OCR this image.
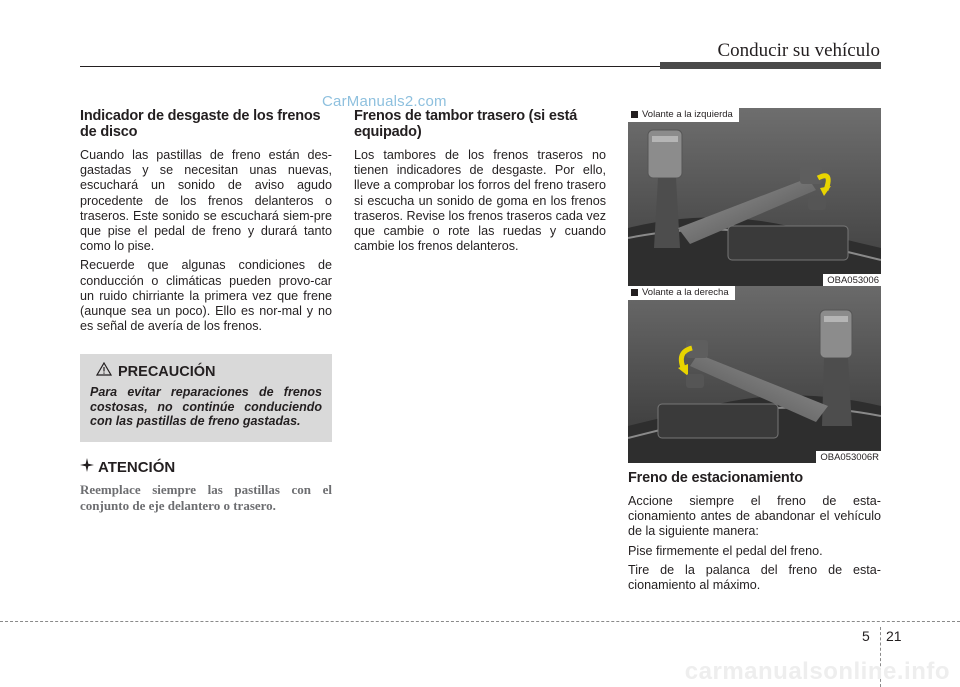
Conducir su vehículo
CarManuals2.com
Indicador de desgaste de los frenos de disco

Cuando las pastillas de freno están des-gastadas y se necesitan unas nuevas, escuchará un sonido de aviso agudo procedente de los frenos delanteros o traseros. Este sonido se escuchará siem-pre que pise el pedal de freno y durará tanto como lo pise.

Recuerde que algunas condiciones de conducción o climáticas pueden provo-car un ruido chirriante la primera vez que frene (aunque sea un poco). Ello es nor-mal y no es señal de avería de los frenos.

PRECAUCIÓN
Para evitar reparaciones de frenos costosas, no continúe conduciendo con las pastillas de freno gastadas.
ATENCIÓN
Reemplace siempre las pastillas con el conjunto de eje delantero o trasero.
Frenos de tambor trasero (si está equipado)

Los tambores de los frenos traseros no tienen indicadores de desgaste. Por ello, lleve a comprobar los forros del freno trasero si escucha un sonido de goma en los frenos traseros. Revise los frenos traseros cada vez que cambie o rote las ruedas y cuando cambie los frenos delanteros.

Volante a la izquierda
OBA053006
Volante a la derecha
OBA053006R
Freno de estacionamiento

Accione siempre el freno de esta-cionamiento antes de abandonar el vehículo de la siguiente manera:

Pise firmemente el pedal del freno.

Tire de la palanca del freno de esta-cionamiento al máximo.

5 21
carmanualsonline.info
